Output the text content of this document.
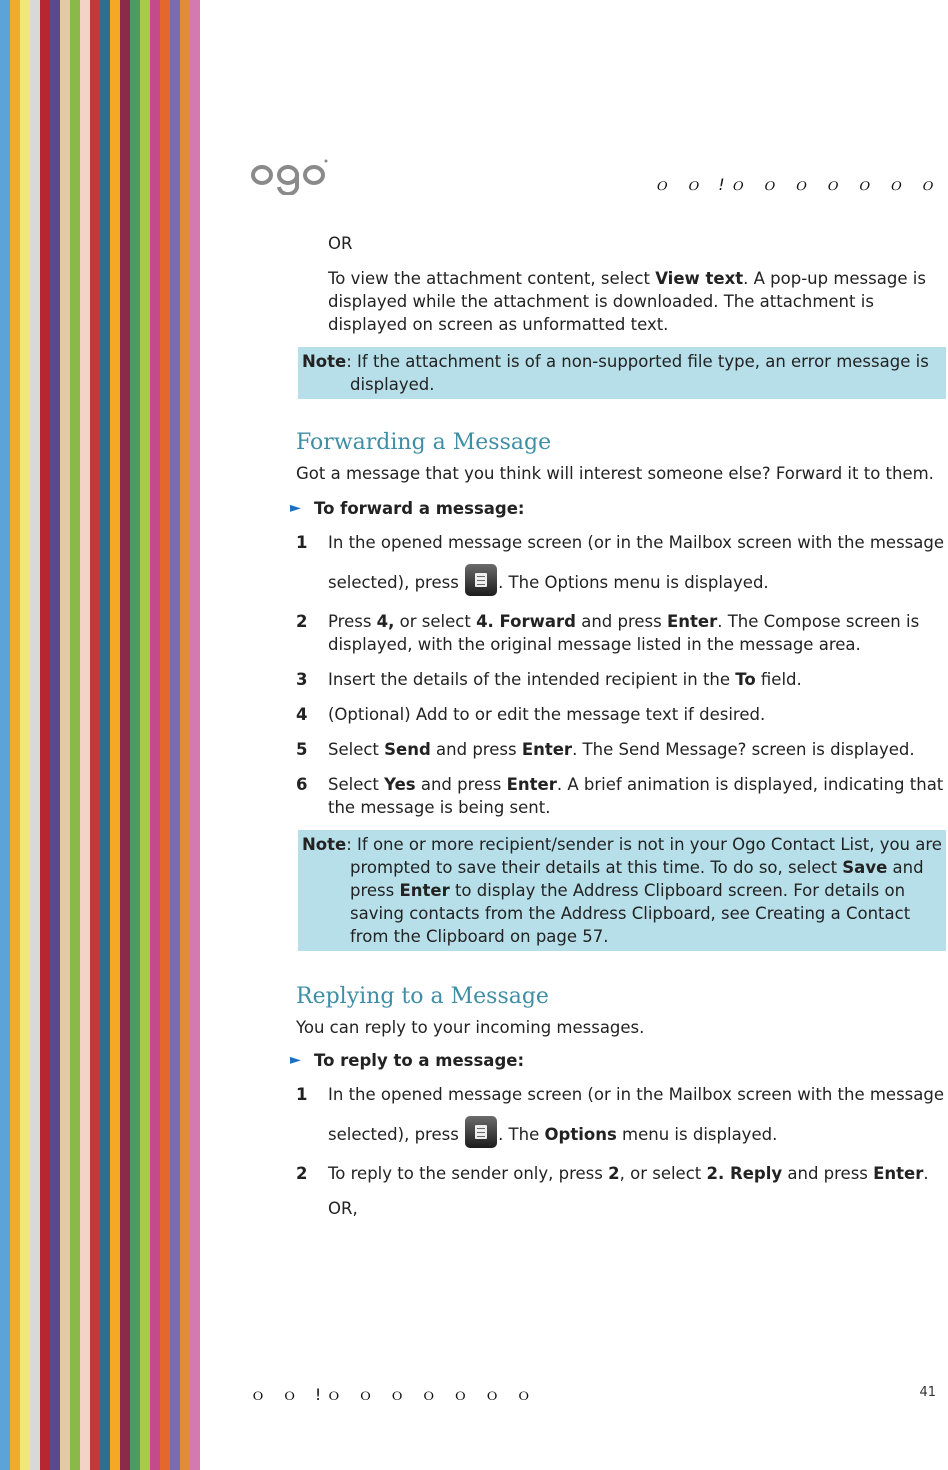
ｏ ｏ !ｏ ｏ ｏ ｏ ｏ ｏ ｏ

OR

To view the attachment content, select View text. A pop-up message is displayed while the attachment is downloaded. The attachment is displayed on screen as unformatted text.

Note: If the attachment is of a non-supported file type, an error message is displayed.

Forwarding a Message

Got a message that you think will interest someone else? Forward it to them.

► To forward a message:

1	In the opened message screen (or in the Mailbox screen with the message selected), press
. The Options menu is displayed.
2	Press 4, or select 4. Forward and press Enter. The Compose screen is displayed, with the original message listed in the message area.
3	Insert the details of the intended recipient in the To field.
4	(Optional) Add to or edit the message text if desired.
5	Select Send and press Enter. The Send Message? screen is displayed.
6	Select Yes and press Enter. A brief animation is displayed, indicating that the message is being sent.

Note: If one or more recipient/sender is not in your Ogo Contact List, you are prompted to save their details at this time. To do so, select Save and press Enter to display the Address Clipboard screen. For details on saving contacts from the Address Clipboard, see Creating a Contact from the Clipboard on page 57.

Replying to a Message

You can reply to your incoming messages.

► To reply to a message:

1	In the opened message screen (or in the Mailbox screen with the message selected), press
. The Options menu is displayed.
2	To reply to the sender only, press 2, or select 2. Reply and press Enter.

OR,

ｏ ｏ !ｏ ｏ ｏ ｏ ｏ ｏ ｏ	41
